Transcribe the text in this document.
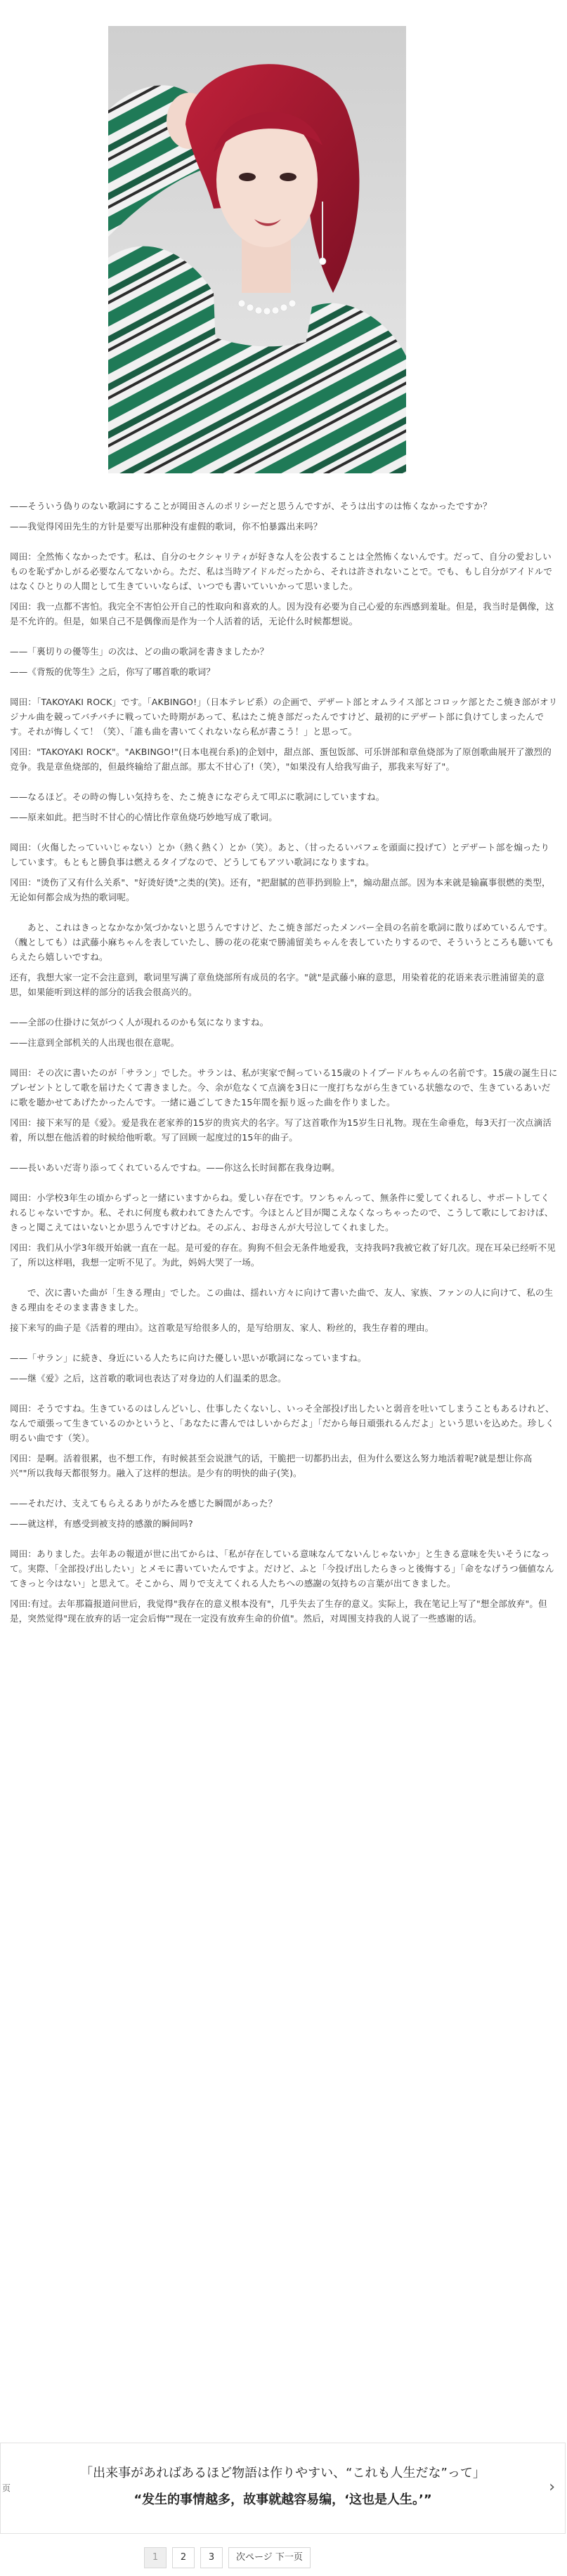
——そういう偽りのない歌詞にすることが岡田さんのポリシーだと思うんですが、そうは出すのは怖くなかったですか？

——我觉得冈田先生的方针是要写出那种没有虚假的歌词，你不怕暴露出来吗？

岡田：全然怖くなかったです。私は、自分のセクシャリティが好きな人を公表することは全然怖くないんです。だって、自分の愛おしいものを恥ずかしがる必要なんてないから。ただ、私は当時アイドルだったから、それは許されないことで。でも、もし自分がアイドルではなくひとりの人間として生きていいならば、いつでも書いていいかって思いました。

冈田：我一点都不害怕。我完全不害怕公开自己的性取向和喜欢的人。因为没有必要为自己心爱的东西感到羞耻。但是，我当时是偶像，这是不允许的。但是，如果自己不是偶像而是作为一个人活着的话，无论什么时候都想说。

——「裏切りの優等生」の次は、どの曲の歌詞を書きましたか？

——《背叛的优等生》之后，你写了哪首歌的歌词？

岡田：「TAKOYAKI ROCK」です。「AKBINGO!」（日本テレビ系）の企画で、デザート部とオムライス部とコロッケ部とたこ焼き部がオリジナル曲を競ってバチバチに戦っていた時期があって、私はたこ焼き部だったんですけど、最初的にデザート部に負けてしまったんです。それが悔しくて！（笑）、「誰も曲を書いてくれないなら私が書こう！」と思って。

冈田："TAKOYAKI ROCK"。"AKBINGO!"(日本电视台系)的企划中，甜点部、蛋包饭部、可乐饼部和章鱼烧部为了原创歌曲展开了激烈的竞争。我是章鱼烧部的，但最终输给了甜点部。那太不甘心了!（笑），"如果没有人给我写曲子，那我来写好了"。

——なるほど。その時の悔しい気持ちを、たこ焼きになぞらえて叩ぶに歌詞にしていますね。

——原来如此。把当时不甘心的心情比作章鱼烧巧妙地写成了歌词。

岡田：（火傷したっていいじゃない）とか（熱く熱く）とか（笑）。あと、（甘ったるいパフェを頭面に投げて）とデザート部を煽ったりしています。もともと勝負事は燃えるタイプなので、どうしてもアツい歌詞になりますね。

冈田："烫伤了又有什么关系"、"好烫好烫"之类的(笑)。还有，"把甜腻的芭菲扔到脸上"，煽动甜点部。因为本来就是输赢事很燃的类型，无论如何都会成为热的歌词呢。

あと、これはきっとなかなか気づかないと思うんですけど、たこ焼き部だったメンバー全員の名前を歌詞に散りばめているんです。（醜としても）は武藤小麻ちゃんを表していたし、勝の花の花束で勝浦留美ちゃんを表していたりするので、そういうところも聴いてもらえたら嬉しいですね。

还有，我想大家一定不会注意到，歌词里写满了章鱼烧部所有成员的名字。"就"是武藤小麻的意思，用染着花的花语来表示胜浦留美的意思，如果能听到这样的部分的话我会很高兴的。

——全部の仕掛けに気がつく人が現れるのかも気になりますね。

——注意到全部机关的人出现也很在意呢。

岡田：その次に書いたのが「サラン」でした。サランは、私が実家で飼っている15歳のトイプードルちゃんの名前です。15歳の誕生日にプレゼントとして歌を届けたくて書きました。今、余が危なくて点滴を3日に一度打ちながら生きている状態なので、生きているあいだに歌を聴かせてあげたかったんです。一緒に過ごしてきた15年間を振り返った曲を作りました。

冈田：接下来写的是《爱》。爱是我在老家养的15岁的贵宾犬的名字。写了这首歌作为15岁生日礼物。现在生命垂危，每3天打一次点滴活着，所以想在他活着的时候给他听歌。写了回顾一起度过的15年的曲子。

——長いあいだ寄り添ってくれているんですね。——你这么长时间都在我身边啊。

岡田：小学校3年生の頃からずっと一緒にいますからね。愛しい存在です。ワンちゃんって、無条件に愛してくれるし、サポートしてくれるじゃないですか。私、それに何度も救われてきたんです。今ほとんど目が聞こえなくなっちゃったので、こうして歌にしておけば、きっと聞こえてはいないとか思うんですけどね。そのぶん、お母さんが大号泣してくれました。

冈田：我们从小学3年级开始就一直在一起。是可爱的存在。狗狗不但会无条件地爱我，支持我吗?我被它救了好几次。现在耳朵已经听不见了，所以这样唱，我想一定听不见了。为此，妈妈大哭了一场。

で、次に書いた曲が「生きる理由」でした。この曲は、揺れい方々に向けて書いた曲で、友人、家族、ファンの人に向けて、私の生きる理由をそのまま書きました。

接下来写的曲子是《活着的理由》。这首歌是写给很多人的，是写给朋友、家人、粉丝的，我生存着的理由。

——「サラン」に続き、身近にいる人たちに向けた優しい思いが歌詞になっていますね。

——继《爱》之后，这首歌的歌词也表达了对身边的人们温柔的思念。

岡田：そうですね。生きているのはしんどいし、仕事したくないし、いっそ全部投げ出したいと弱音を吐いてしまうこともあるけれど、なんで頑張って生きているのかというと、「あなたに書んではしいからだよ」「だから毎日頑張れるんだよ」という思いを込めた。珍しく明るい曲です（笑）。

冈田：是啊。活着很累，也不想工作，有时候甚至会说泄气的话，干脆把一切都扔出去，但为什么要这么努力地活着呢?就是想让你高兴""所以我每天都很努力。融入了这样的想法。是少有的明快的曲子(笑)。

——それだけ、支えてもらえるありがたみを感じた瞬間があった？

——就这样，有感受到被支持的感激的瞬间吗?

岡田：ありました。去年あの報道が世に出てからは、「私が存在している意味なんてないんじゃないか」と生きる意味を失いそうになって。実際、「全部投げ出したい」とメモに書いていたんですよ。だけど、ふと「今投げ出したらきっと後悔する」「命をなげうつ価値なんてきっと今はない」と思えて。そこから、周りで支えてくれる人たちへの感謝の気持ちの言葉が出てきました。

冈田:有过。去年那篇报道问世后，我觉得"我存在的意义根本没有"，几乎失去了生存的意义。实际上，我在笔记上写了"想全部放弃"。但是，突然觉得"现在放弃的话一定会后悔""现在一定没有放弃生命的价值"。然后，对周围支持我的人说了一些感谢的话。

页
「出来事があればあるほど物語は作りやすい、“これも人生だな”って」
“发生的事情越多，故事就越容易编，‘这也是人生。’”
›
1	2	3	次ページ 下一页
